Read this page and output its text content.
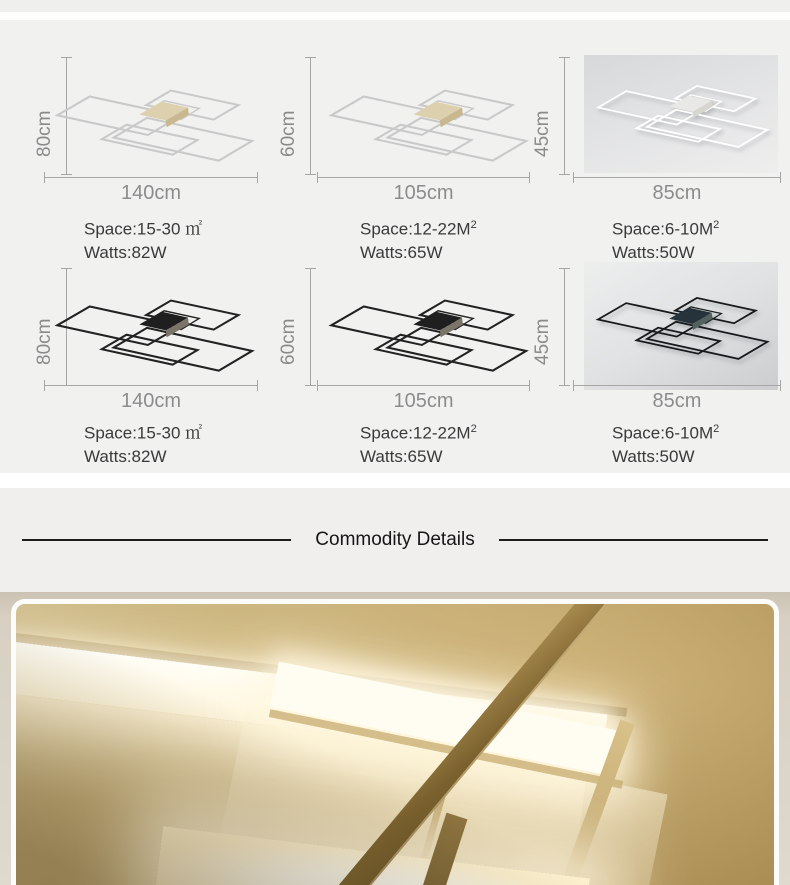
80cm
140cm
Space:15-30 ㎡
Watts:82W
60cm
105cm
$Space:12-22M^2$
Watts:65W
45cm
85cm
$Space:6-10M^2$
Watts:50W
80cm
140cm
Space:15-30 ㎡
Watts:82W
60cm
105cm
$Space:12-22M^2$
Watts:65W
45cm
85cm
$Space:6-10M^2$
Watts:50W
Commodity Details
